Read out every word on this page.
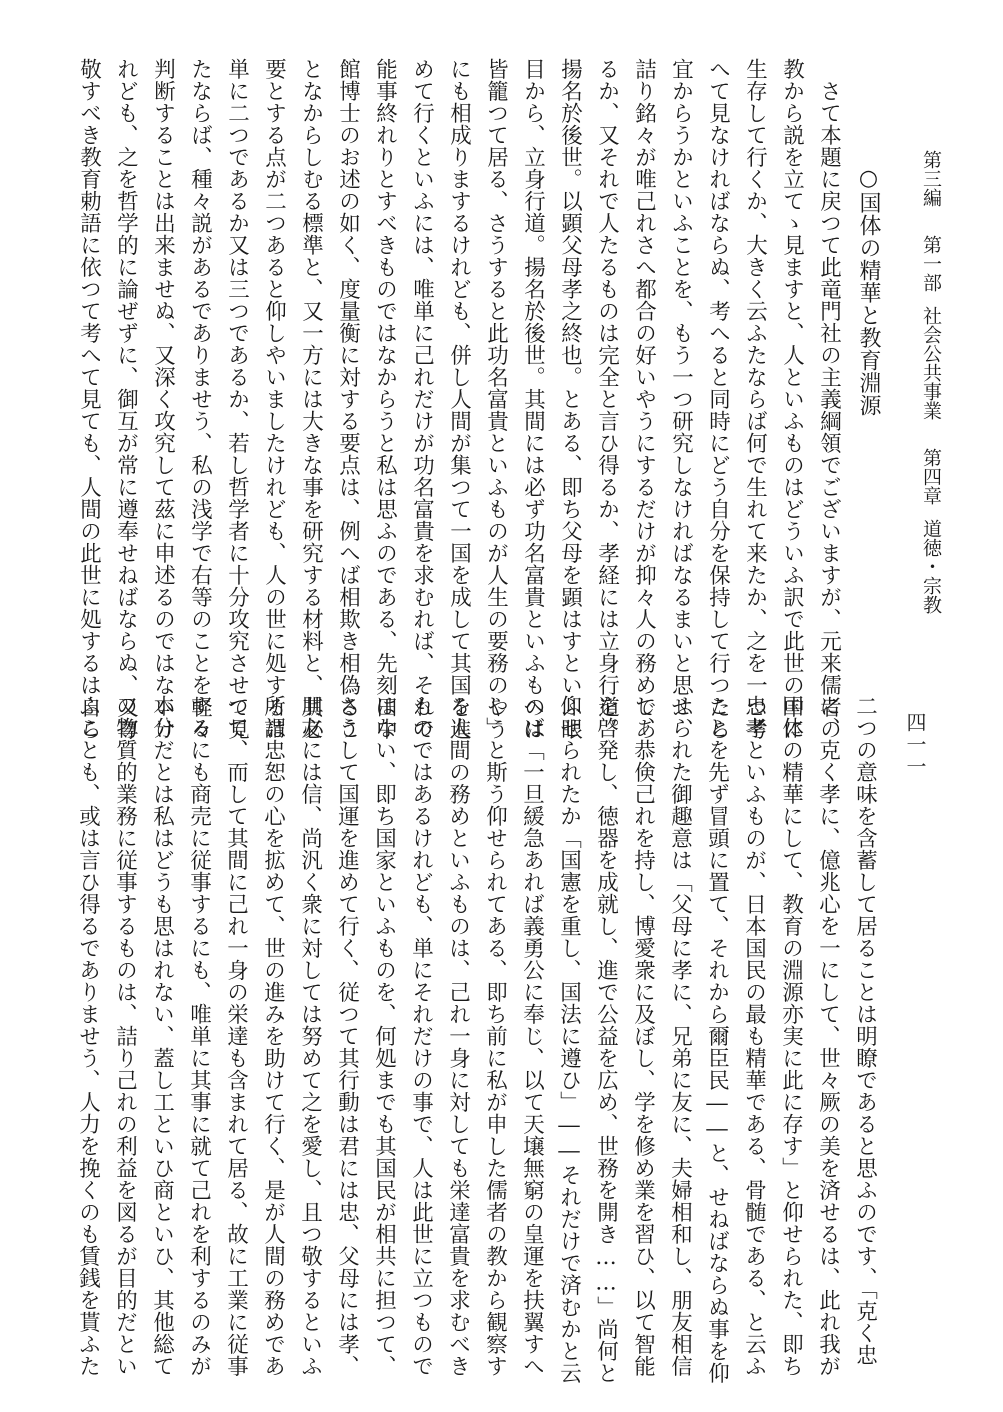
第三編第一部社会公共事業第四章道徳・宗教
四一一
○国体の精華と教育淵源
さて本題に戻つて此竜門社の主義綱領でございますが、元来儒者の
教から説を立てゝ見ますと、人といふものはどういふ訳で此世の中に
生存して行くか、大きく云ふたならば何で生れて来たか、之を一つ考
へて見なければならぬ、考へると同時にどう自分を保持して行つたら
宜からうかといふことを、もう一つ研究しなければなるまいと思ふ、
詰り銘々が唯己れさへ都合の好いやうにするだけが抑々人の務めであ
るか、又それで人たるものは完全と言ひ得るか、孝経には立身行道。
揚名於後世。以顕父母孝之終也。とある、即ち父母を顕はすといふ眼
目から、立身行道。揚名於後世。其間には必ず功名富貴といふものは
皆籠つて居る、さうすると此功名富貴といふものが人生の要務のやう
にも相成りまするけれども、併し人間が集つて一国を成して其国を進
めて行くといふには、唯単に己れだけが功名富貴を求むれば、それで
能事終れりとすべきものではなからうと私は思ふのである、先刻田中
館博士のお述の如く、度量衡に対する要点は、例へば相欺き相偽るこ
となからしむる標準と、又一方には大きな事を研究する材料と、其必
要とする点が二つあると仰しやいましたけれども、人の世に処するは
単に二つであるか又は三つであるか、若し哲学者に十分攻究させて見
たならば、種々説があるでありませう、私の浅学で右等のことを軽々
判断することは出来ませぬ、又深く攻究して茲に申述るのではないけ
れども、之を哲学的に論ぜずに、御互が常に遵奉せねばならぬ、又尊
敬すべき教育勅語に依つて考へて見ても、人間の此世に処するは自ら
二つの意味を含蓄して居ることは明瞭であると思ふのです、「克く忠
に、克く孝に、億兆心を一にして、世々厥の美を済せるは、此れ我が
国体の精華にして、教育の淵源亦実に此に存す」と仰せられた、即ち
忠孝といふものが、日本国民の最も精華である、骨髄である、と云ふ
ことを先ず冒頭に置て、それから爾臣民――と、せねばならぬ事を仰
せられた御趣意は「父母に孝に、兄弟に友に、夫婦相和し、朋友相信
し、恭倹己れを持し、博愛衆に及ぼし、学を修め業を習ひ、以て智能
を啓発し、徳器を成就し、進で公益を広め、世務を開き……」尚何と
仰せられたか「国憲を重し、国法に遵ひ」――それだけで済むかと云
へば「一旦緩急あれば義勇公に奉じ、以て天壌無窮の皇運を扶翼すへ
し」と斯う仰せられてある、即ち前に私が申した儒者の教から観察す
る人間の務めといふものは、己れ一身に対しても栄達富貴を求むべき
ものではあるけれども、単にそれだけの事で、人は此世に立つもので
はない、即ち国家といふものを、何処までも其国民が相共に担つて、
さうして国運を進めて行く、従つて其行動は君には忠、父母には孝、
朋友には信、尚汎く衆に対しては努めて之を愛し、且つ敬するといふ
所謂忠恕の心を拡めて、世の進みを助けて行く、是が人間の務めであ
つて、而して其間に己れ一身の栄達も含まれて居る、故に工業に従事
するにも商売に従事するにも、唯単に其事に就て己れを利するのみが
本分だとは私はどうも思はれない、蓋し工といひ商といひ、其他総て
の物質的業務に従事するものは、詰り己れの利益を図るが目的だとい
ふことも、或は言ひ得るでありませう、人力を挽くのも賃銭を貰ふた
